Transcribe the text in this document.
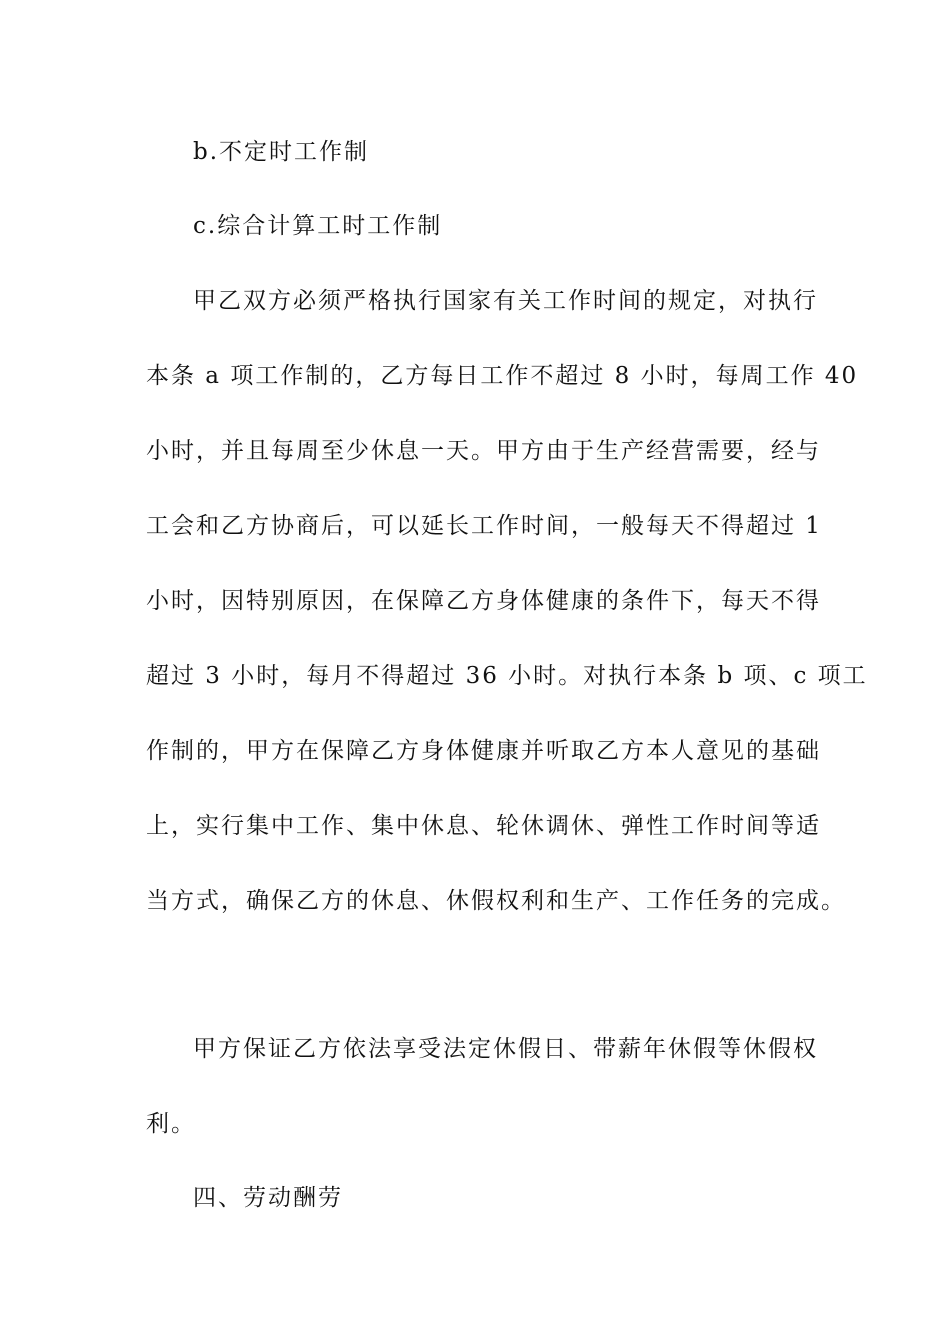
b.不定时工作制
c.综合计算工时工作制
甲乙双方必须严格执行国家有关工作时间的规定，对执行
本条 a 项工作制的，乙方每日工作不超过 8 小时，每周工作 40
小时，并且每周至少休息一天。甲方由于生产经营需要，经与
工会和乙方协商后，可以延长工作时间，一般每天不得超过 1
小时，因特别原因，在保障乙方身体健康的条件下，每天不得
超过 3 小时，每月不得超过 36 小时。对执行本条 b 项、c 项工
作制的，甲方在保障乙方身体健康并听取乙方本人意见的基础
上，实行集中工作、集中休息、轮休调休、弹性工作时间等适
当方式，确保乙方的休息、休假权利和生产、工作任务的完成。
甲方保证乙方依法享受法定休假日、带薪年休假等休假权
利。
四、劳动酬劳
